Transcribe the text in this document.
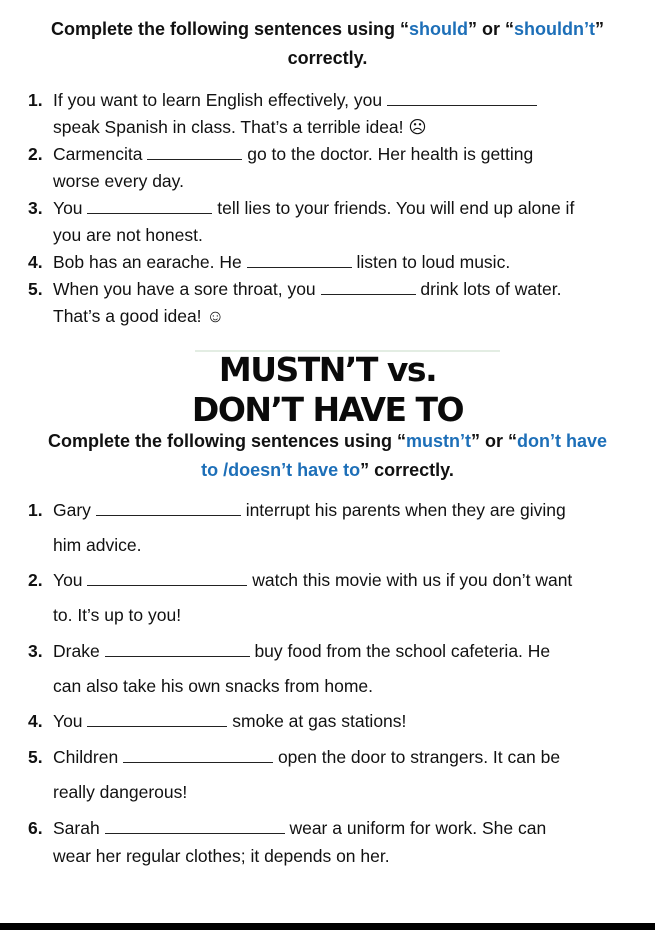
Complete the following sentences using “should” or “shouldn’t”
correctly.
1. If you want to learn English effectively, you
speak Spanish in class. That’s a terrible idea! ☹
2. Carmencita	go to the doctor. Her health is getting
worse every day.
3. You	tell lies to your friends. You will end up alone if
you are not honest.
4. Bob has an earache. He	listen to loud music.
5. When you have a sore throat, you	drink lots of water.
That’s a good idea! ☺
MUSTN’T vs.
DON’T HAVE TO
Complete the following sentences using “mustn’t” or “don’t have
to /doesn’t have to” correctly.
1. Gary	interrupt his parents when they are giving
him advice.
2. You	watch this movie with us if you don’t want
to. It’s up to you!
3. Drake	buy food from the school cafeteria. He
can also take his own snacks from home.
4. You	smoke at gas stations!
5. Children	open the door to strangers. It can be
really dangerous!
6. Sarah	wear a uniform for work. She can
wear her regular clothes; it depends on her.
